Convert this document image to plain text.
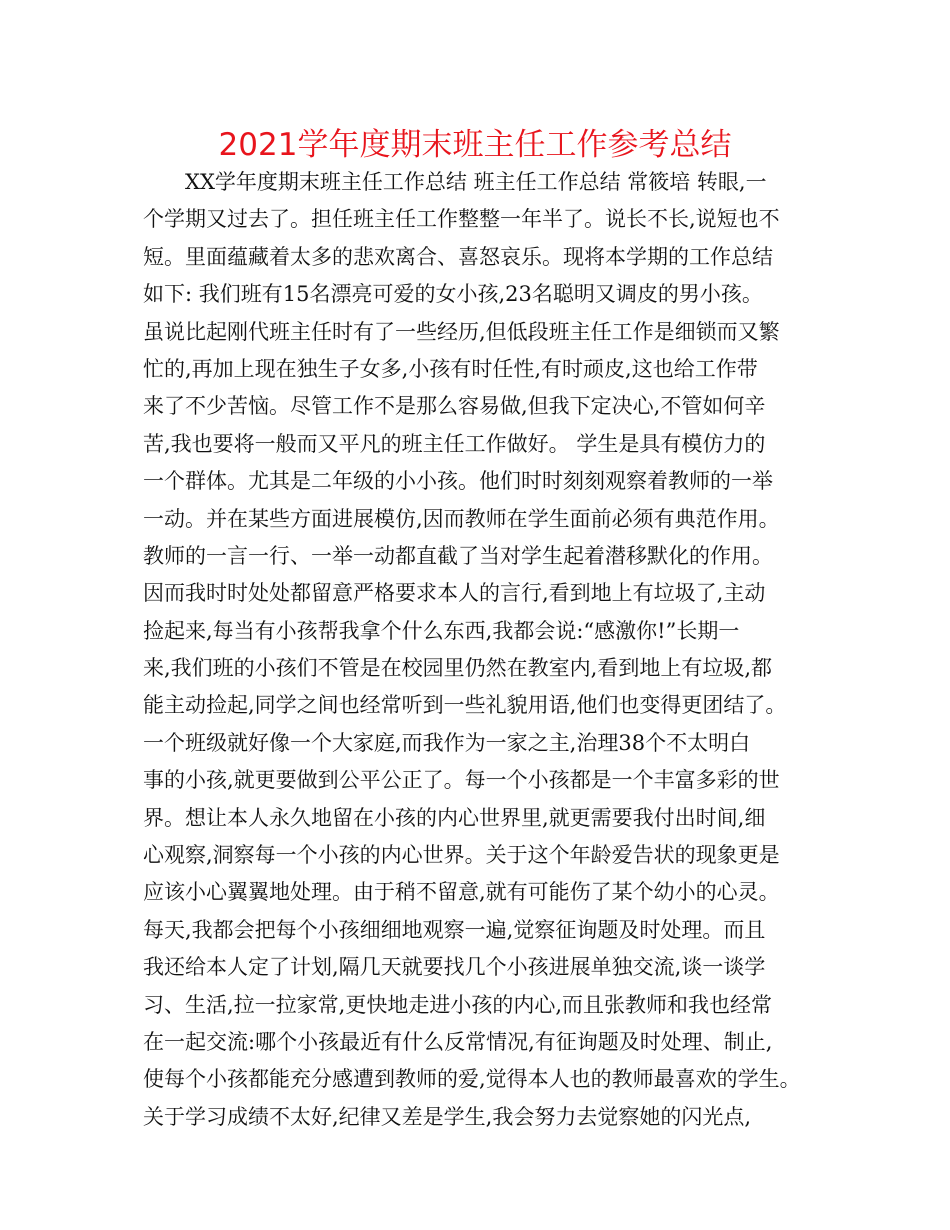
2021学年度期末班主任工作参考总结
　　XX学年度期末班主任工作总结 班主任工作总结 常筱培 转眼,一
个学期又过去了。担任班主任工作整整一年半了。说长不长,说短也不
短。里面蕴藏着太多的悲欢离合、喜怒哀乐。现将本学期的工作总结
如下: 我们班有15名漂亮可爱的女小孩,23名聪明又调皮的男小孩。
虽说比起刚代班主任时有了一些经历,但低段班主任工作是细锁而又繁
忙的,再加上现在独生子女多,小孩有时任性,有时顽皮,这也给工作带
来了不少苦恼。尽管工作不是那么容易做,但我下定决心,不管如何辛
苦,我也要将一般而又平凡的班主任工作做好。 学生是具有模仿力的
一个群体。尤其是二年级的小小孩。他们时时刻刻观察着教师的一举
一动。并在某些方面进展模仿,因而教师在学生面前必须有典范作用。
教师的一言一行、一举一动都直截了当对学生起着潜移默化的作用。
因而我时时处处都留意严格要求本人的言行,看到地上有垃圾了,主动
捡起来,每当有小孩帮我拿个什么东西,我都会说:“感激你!”长期一
来,我们班的小孩们不管是在校园里仍然在教室内,看到地上有垃圾,都
能主动捡起,同学之间也经常听到一些礼貌用语,他们也变得更团结了。
一个班级就好像一个大家庭,而我作为一家之主,治理38个不太明白
事的小孩,就更要做到公平公正了。每一个小孩都是一个丰富多彩的世
界。想让本人永久地留在小孩的内心世界里,就更需要我付出时间,细
心观察,洞察每一个小孩的内心世界。关于这个年龄爱告状的现象更是
应该小心翼翼地处理。由于稍不留意,就有可能伤了某个幼小的心灵。
每天,我都会把每个小孩细细地观察一遍,觉察征询题及时处理。而且
我还给本人定了计划,隔几天就要找几个小孩进展单独交流,谈一谈学
习、生活,拉一拉家常,更快地走进小孩的内心,而且张教师和我也经常
在一起交流:哪个小孩最近有什么反常情况,有征询题及时处理、制止,
使每个小孩都能充分感遭到教师的爱,觉得本人也的教师最喜欢的学生。
关于学习成绩不太好,纪律又差是学生,我会努力去觉察她的闪光点,
